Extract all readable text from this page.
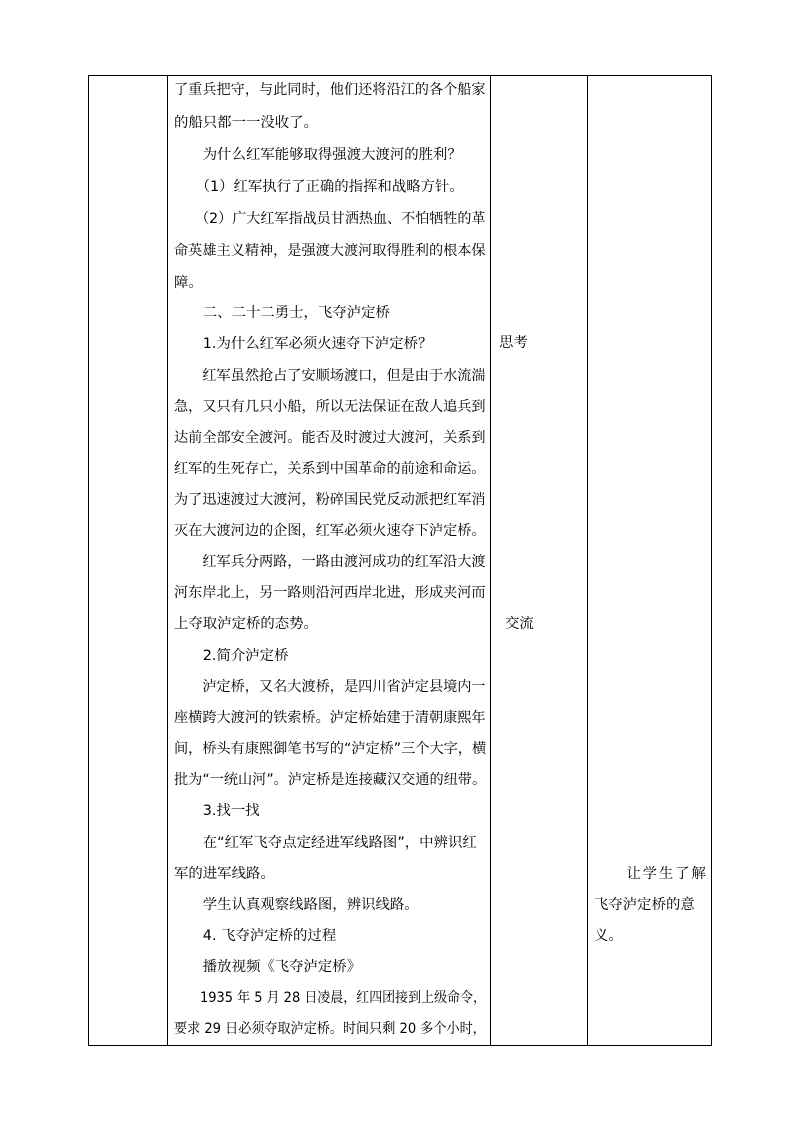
了重兵把守，与此同时，他们还将沿江的各个船家
的船只都一一没收了。
　　为什么红军能够取得强渡大渡河的胜利？
　　（1）红军执行了正确的指挥和战略方针。
　　（2）广大红军指战员甘洒热血、不怕牺牲的革
命英雄主义精神，是强渡大渡河取得胜利的根本保
障。
　　二、二十二勇士，飞夺泸定桥
　　1.为什么红军必须火速夺下泸定桥？
　　红军虽然抢占了安顺场渡口，但是由于水流湍
急，又只有几只小船，所以无法保证在敌人追兵到
达前全部安全渡河。能否及时渡过大渡河，关系到
红军的生死存亡，关系到中国革命的前途和命运。
为了迅速渡过大渡河，粉碎国民党反动派把红军消
灭在大渡河边的企图，红军必须火速夺下泸定桥。
　　红军兵分两路，一路由渡河成功的红军沿大渡
河东岸北上，另一路则沿河西岸北进，形成夹河而
上夺取泸定桥的态势。
　　2.简介泸定桥
　　泸定桥，又名大渡桥，是四川省泸定县境内一
座横跨大渡河的铁索桥。泸定桥始建于清朝康熙年
间，桥头有康熙御笔书写的“泸定桥”三个大字，横
批为“一统山河”。泸定桥是连接藏汉交通的纽带。
　　3.找一找
　　在“红军飞夺点定经进军线路图”，中辨识红
军的进军线路。
　　学生认真观察线路图，辨识线路。
　　4. 飞夺泸定桥的过程
　　播放视频《飞夺泸定桥》
　　1935 年 5 月 28 日凌晨，红四团接到上级命令，
要求 29 日必须夺取泸定桥。时间只剩 20 多个小时，

思考
交流

　　让学生了解
飞夺泸定桥的意
义。
